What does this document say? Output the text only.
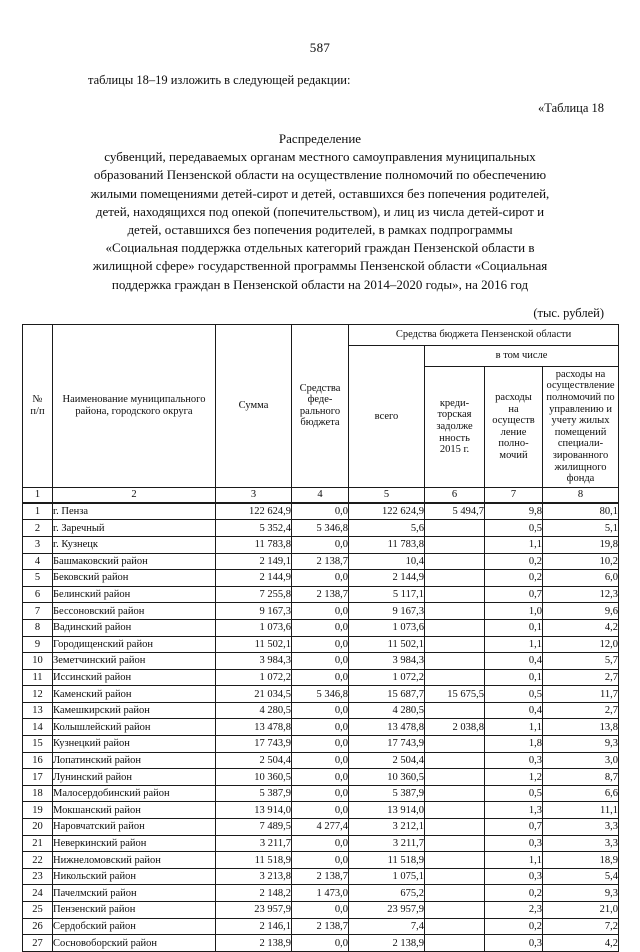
587
таблицы 18–19 изложить в следующей редакции:
«Таблица 18
Распределение
субвенций, передаваемых органам местного самоуправления муниципальных
образований Пензенской области на осуществление полномочий по обеспечению
жилыми помещениями детей-сирот и детей, оставшихся без попечения родителей,
детей, находящихся под опекой (попечительством), и лиц из числа детей-сирот и
детей, оставшихся без попечения родителей, в рамках подпрограммы
«Социальная поддержка отдельных категорий граждан Пензенской области в
жилищной сфере» государственной программы Пензенской области «Социальная
поддержка граждан в Пензенской области на 2014–2020 годы», на 2016 год
(тыс. рублей)
№
п/п	Наименование муниципального района, городского округа	Сумма	Средства
феде-
рального
бюджета	Средства бюджета Пензенской области			
				всего	в том числе		
креди-
торская
задолже
нность
2015 г.	расходы
на
осуществ
ление
полно-
мочий	расходы на
осуществление
полномочий по
управлению и
учету жилых
помещений
специали-
зированного
жилищного
фонда
1	2	3	4	5	6	7	8
1	г. Пенза	122 624,9	0,0	122 624,9	5 494,7	9,8	80,1
2	г. Заречный	5 352,4	5 346,8	5,6		0,5	5,1
3	г. Кузнецк	11 783,8	0,0	11 783,8		1,1	19,8
4	Башмаковский район	2 149,1	2 138,7	10,4		0,2	10,2
5	Бековский район	2 144,9	0,0	2 144,9		0,2	6,0
6	Белинский район	7 255,8	2 138,7	5 117,1		0,7	12,3
7	Бессоновский район	9 167,3	0,0	9 167,3		1,0	9,6
8	Вадинский район	1 073,6	0,0	1 073,6		0,1	4,2
9	Городищенский район	11 502,1	0,0	11 502,1		1,1	12,0
10	Земетчинский район	3 984,3	0,0	3 984,3		0,4	5,7
11	Иссинский район	1 072,2	0,0	1 072,2		0,1	2,7
12	Каменский район	21 034,5	5 346,8	15 687,7	15 675,5	0,5	11,7
13	Камешкирский район	4 280,5	0,0	4 280,5		0,4	2,7
14	Колышлейский район	13 478,8	0,0	13 478,8	2 038,8	1,1	13,8
15	Кузнецкий район	17 743,9	0,0	17 743,9		1,8	9,3
16	Лопатинский район	2 504,4	0,0	2 504,4		0,3	3,0
17	Лунинский район	10 360,5	0,0	10 360,5		1,2	8,7
18	Малосердобинский район	5 387,9	0,0	5 387,9		0,5	6,6
19	Мокшанский район	13 914,0	0,0	13 914,0		1,3	11,1
20	Наровчатский район	7 489,5	4 277,4	3 212,1		0,7	3,3
21	Неверкинский район	3 211,7	0,0	3 211,7		0,3	3,3
22	Нижнеломовский район	11 518,9	0,0	11 518,9		1,1	18,9
23	Никольский район	3 213,8	2 138,7	1 075,1		0,3	5,4
24	Пачелмский район	2 148,2	1 473,0	675,2		0,2	9,3
25	Пензенский район	23 957,9	0,0	23 957,9		2,3	21,0
26	Сердобский район	2 146,1	2 138,7	7,4		0,2	7,2
27	Сосновоборский район	2 138,9	0,0	2 138,9		0,3	4,2
